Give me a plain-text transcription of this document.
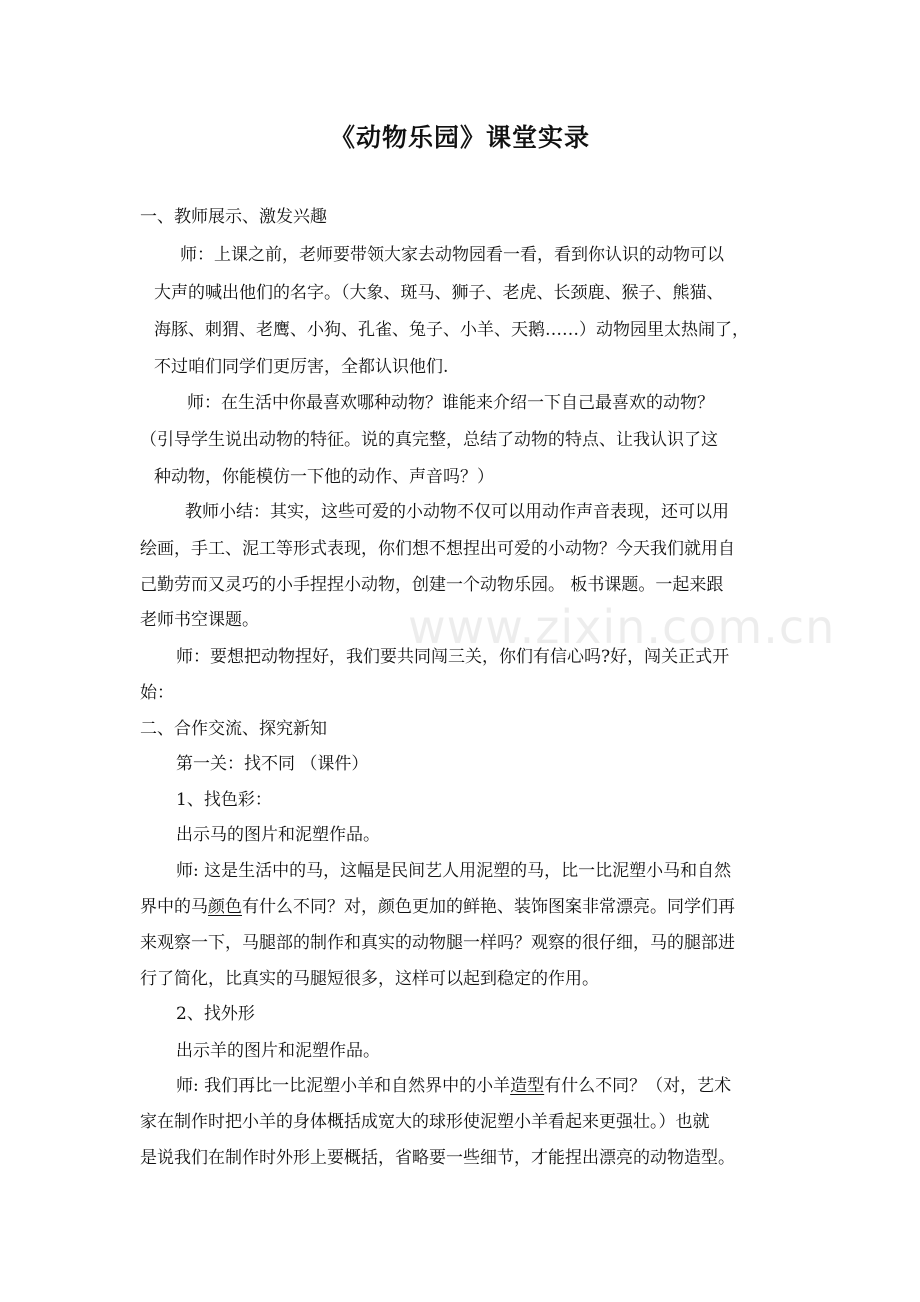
《动物乐园》课堂实录
www.zixin.com.cn
一、教师展示、激发兴趣
师：上课之前，老师要带领大家去动物园看一看，看到你认识的动物可以
大声的喊出他们的名字。（大象、斑马、狮子、老虎、长颈鹿、猴子、熊猫、
海豚、刺猬、老鹰、小狗、孔雀、兔子、小羊、天鹅……）动物园里太热闹了，
不过咱们同学们更厉害，全都认识他们.
师：在生活中你最喜欢哪种动物？谁能来介绍一下自己最喜欢的动物？
（引导学生说出动物的特征。说的真完整，总结了动物的特点、让我认识了这
种动物，你能模仿一下他的动作、声音吗？）
教师小结：其实，这些可爱的小动物不仅可以用动作声音表现，还可以用
绘画，手工、泥工等形式表现，你们想不想捏出可爱的小动物？今天我们就用自
己勤劳而又灵巧的小手捏捏小动物，创建一个动物乐园。 板书课题。一起来跟
老师书空课题。
师：要想把动物捏好，我们要共同闯三关，你们有信心吗?好，闯关正式开
始：
二、合作交流、探究新知
第一关：找不同 （课件）
1、找色彩：
出示马的图片和泥塑作品。
师: 这是生活中的马，这幅是民间艺人用泥塑的马，比一比泥塑小马和自然
界中的马颜色有什么不同？对，颜色更加的鲜艳、装饰图案非常漂亮。同学们再
来观察一下，马腿部的制作和真实的动物腿一样吗？观察的很仔细，马的腿部进
行了简化，比真实的马腿短很多，这样可以起到稳定的作用。
2、找外形
出示羊的图片和泥塑作品。
师: 我们再比一比泥塑小羊和自然界中的小羊造型有什么不同？（对，艺术
家在制作时把小羊的身体概括成宽大的球形使泥塑小羊看起来更强壮。）也就
是说我们在制作时外形上要概括，省略要一些细节，才能捏出漂亮的动物造型。
